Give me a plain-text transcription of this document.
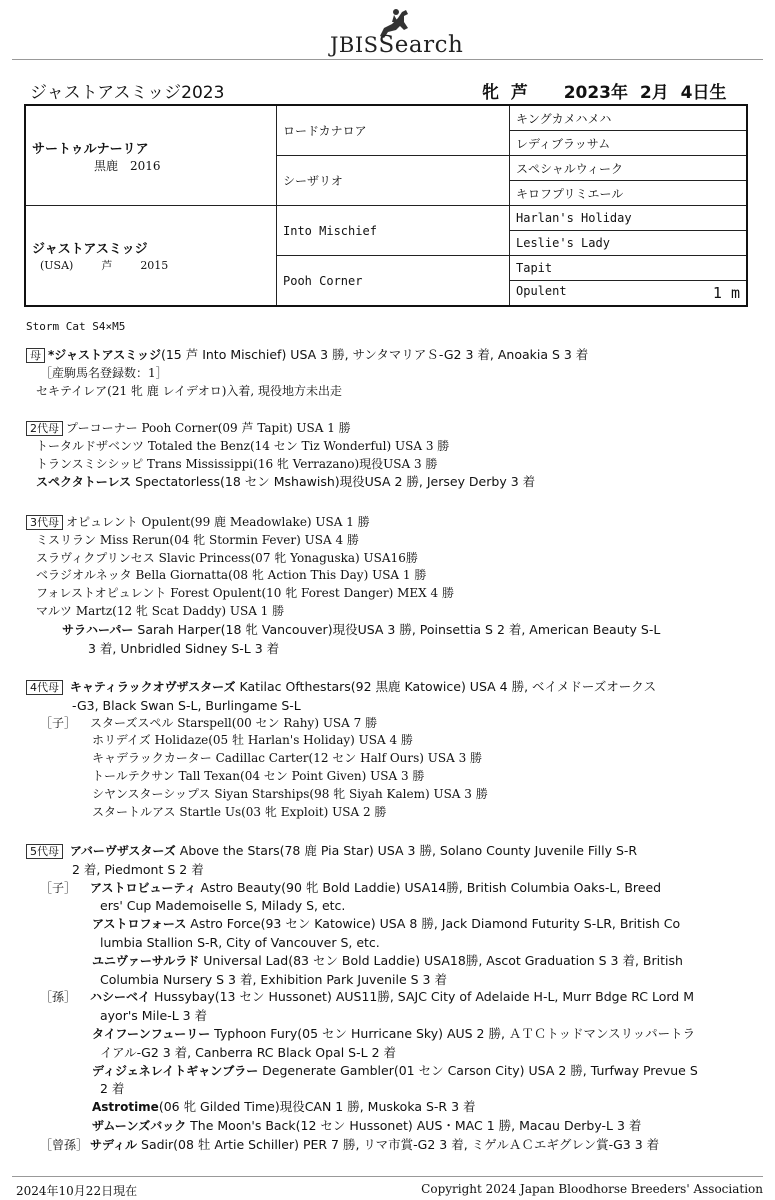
JBISSearch
ジャストアスミッジ2023	牝 芦 2023年 2月 4日生
サートゥルナーリア
黒鹿　2016	ロードカナロア	キングカメハメハ
		レディブラッサム
	シーザリオ	スペシャルウィーク
		キロフプリミエール

ジャストアスミッジ
(USA) 芦 2015	Into Mischief	Harlan's Holiday
		Leslie's Lady
	Pooh Corner	Tapit
		Opulent 1 m
Storm Cat S4×M5
母 *ジャストアスミッジ(15 芦 Into Mischief) USA 3 勝, サンタマリアＳ-G2 3 着, Anoakia S 3 着
［産駒馬名登録数：1］
セキテイレア(21 牝 鹿 レイデオロ)入着, 現役地方未出走
2代母 プーコーナー Pooh Corner(09 芦 Tapit) USA 1 勝
トータルドザベンツ Totaled the Benz(14 セン Tiz Wonderful) USA 3 勝
トランスミシシッピ Trans Mississippi(16 牝 Verrazano)現役USA 3 勝
スペクタトーレス Spectatorless(18 セン Mshawish)現役USA 2 勝, Jersey Derby 3 着
3代母 オピュレント Opulent(99 鹿 Meadowlake) USA 1 勝
ミスリラン Miss Rerun(04 牝 Stormin Fever) USA 4 勝
スラヴィクプリンセス Slavic Princess(07 牝 Yonaguska) USA16勝
ベラジオルネッタ Bella Giornatta(08 牝 Action This Day) USA 1 勝
フォレストオピュレント Forest Opulent(10 牝 Forest Danger) MEX 4 勝
マルツ Martz(12 牝 Scat Daddy) USA 1 勝
サラハーパー Sarah Harper(18 牝 Vancouver)現役USA 3 勝, Poinsettia S 2 着, American Beauty S-L
3 着, Unbridled Sidney S-L 3 着
4代母 キャティラックオヴザスターズ Katilac Ofthestars(92 黒鹿 Katowice) USA 4 勝, ベイメドーズオークス
-G3, Black Swan S-L, Burlingame S-L
［子］ スターズスペル Starspell(00 セン Rahy) USA 7 勝
ホリデイズ Holidaze(05 牡 Harlan's Holiday) USA 4 勝
キャデラックカーター Cadillac Carter(12 セン Half Ours) USA 3 勝
トールテクサン Tall Texan(04 セン Point Given) USA 3 勝
シヤンスターシップス Siyan Starships(98 牝 Siyah Kalem) USA 3 勝
スタートルアス Startle Us(03 牝 Exploit) USA 2 勝
5代母 アバーヴザスターズ Above the Stars(78 鹿 Pia Star) USA 3 勝, Solano County Juvenile Filly S-R
2 着, Piedmont S 2 着
［子］ アストロビューティ Astro Beauty(90 牝 Bold Laddie) USA14勝, British Columbia Oaks-L, Breed
ers' Cup Mademoiselle S, Milady S, etc.
アストロフォース Astro Force(93 セン Katowice) USA 8 勝, Jack Diamond Futurity S-LR, British Co
lumbia Stallion S-R, City of Vancouver S, etc.
ユニヴァーサルラド Universal Lad(83 セン Bold Laddie) USA18勝, Ascot Graduation S 3 着, British
Columbia Nursery S 3 着, Exhibition Park Juvenile S 3 着
［孫］ ハシーベイ Hussybay(13 セン Hussonet) AUS11勝, SAJC City of Adelaide H-L, Murr Bdge RC Lord M
ayor's Mile-L 3 着
タイフーンフューリー Typhoon Fury(05 セン Hurricane Sky) AUS 2 勝, ＡＴＣトッドマンスリッパートラ
イアル-G2 3 着, Canberra RC Black Opal S-L 2 着
ディジェネレイトギャンブラー Degenerate Gambler(01 セン Carson City) USA 2 勝, Turfway Prevue S
2 着
Astrotime(06 牝 Gilded Time)現役CAN 1 勝, Muskoka S-R 3 着
ザムーンズバック The Moon's Back(12 セン Hussonet) AUS・MAC 1 勝, Macau Derby-L 3 着
［曾孫］ サディル Sadir(08 牡 Artie Schiller) PER 7 勝, リマ市賞-G2 3 着, ミゲルＡＣエギグレン賞-G3 3 着
2024年10月22日現在	Copyright 2024 Japan Bloodhorse Breeders' Association
